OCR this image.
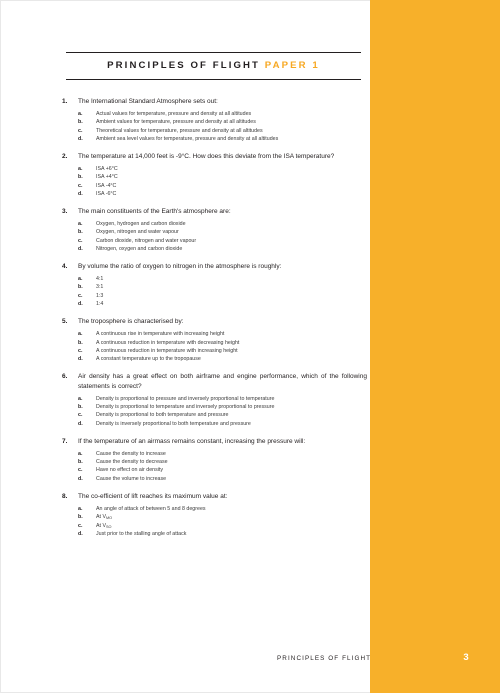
PRINCIPLES OF FLIGHT PAPER 1
1.	The International Standard Atmosphere sets out:
a.	Actual values for temperature, pressure and density at all altitudes
b.	Ambient values for temperature, pressure and density at all altitudes
c.	Theoretical values for temperature, pressure and density at all altitudes
d.	Ambient sea level values for temperature, pressure and density at all altitudes
2.	The temperature at 14,000 feet is -9°C. How does this deviate from the ISA temperature?
a.	ISA +6°C
b.	ISA +4°C
c.	ISA -4°C
d.	ISA -6°C
3.	The main constituents of the Earth's atmosphere are:
a.	Oxygen, hydrogen and carbon dioxide
b.	Oxygen, nitrogen and water vapour
c.	Carbon dioxide, nitrogen and water vapour
d.	Nitrogen, oxygen and carbon dioxide
4.	By volume the ratio of oxygen to nitrogen in the atmosphere is roughly:
a.	4:1
b.	3:1
c.	1:3
d.	1:4
5.	The troposphere is characterised by:
a.	A continuous rise in temperature with increasing height
b.	A continuous reduction in temperature with decreasing height
c.	A continuous reduction in temperature with increasing height
d.	A constant temperature up to the tropopause
6.	Air density has a great effect on both airframe and engine performance, which of the following statements is correct?
a.	Density is proportional to pressure and inversely proportional to temperature
b.	Density is proportional to temperature and inversely proportional to pressure
c.	Density is proportional to both temperature and pressure
d.	Density is inversely proportional to both temperature and pressure
7.	If the temperature of an airmass remains constant, increasing the pressure will:
a.	Cause the density to increase
b.	Cause the density to decrease
c.	Have no effect on air density
d.	Cause the volume to increase
8.	The co-efficient of lift reaches its maximum value at:
a.	An angle of attack of between 5 and 8 degrees
b.	At $V_{MO}$
c.	At $V_{SO}$
d.	Just prior to the stalling angle of attack
PRINCIPLES OF FLIGHT	3
